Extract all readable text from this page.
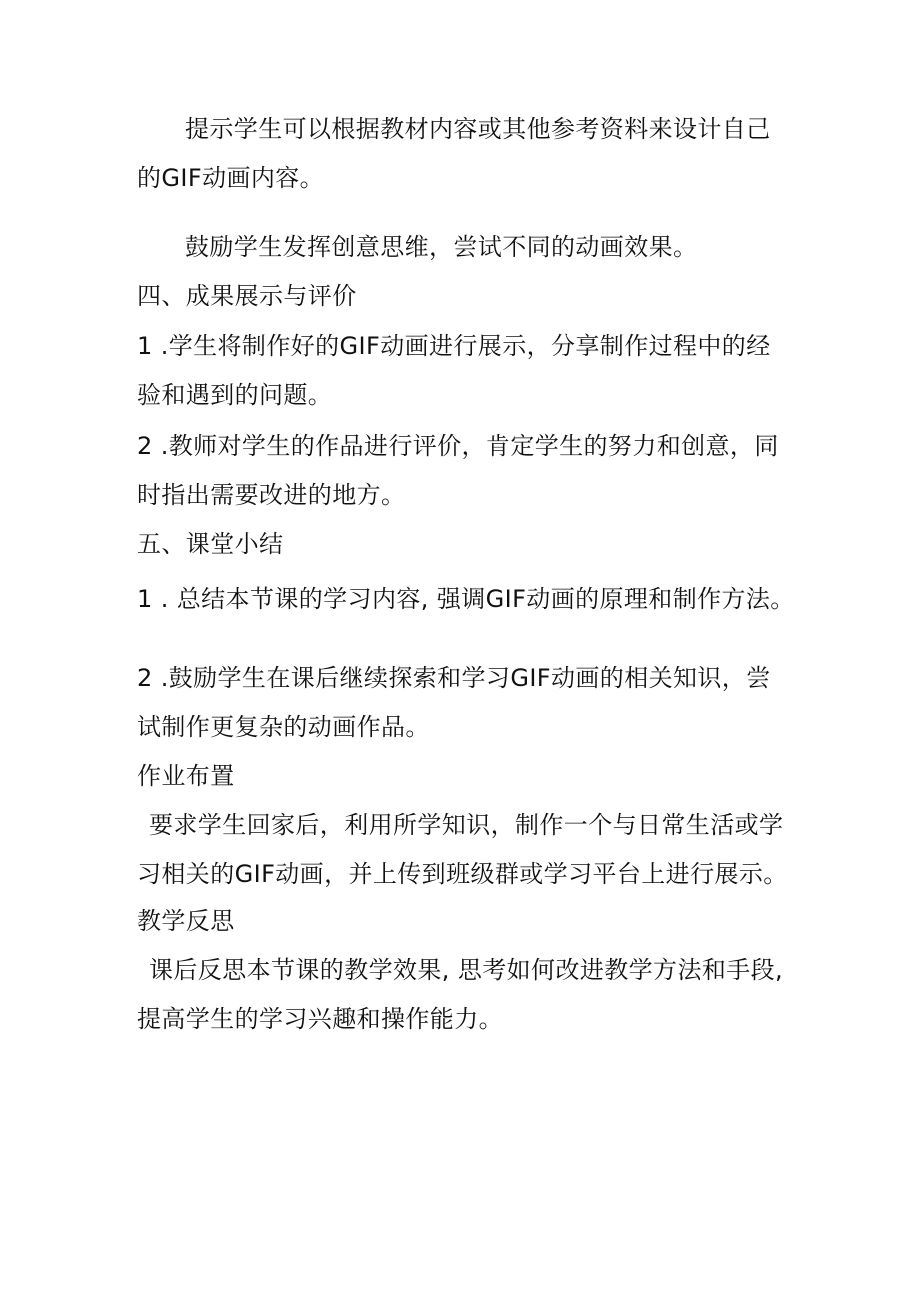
提示学生可以根据教材内容或其他参考资料来设计自己
的GIF动画内容。
鼓励学生发挥创意思维，尝试不同的动画效果。
四、成果展示与评价
1 .学生将制作好的GIF动画进行展示，分享制作过程中的经
验和遇到的问题。
2 .教师对学生的作品进行评价，肯定学生的努力和创意，同
时指出需要改进的地方。
五、课堂小结
1 . 总结本节课的学习内容, 强调GIF动画的原理和制作方法。
2 .鼓励学生在课后继续探索和学习GIF动画的相关知识，尝
试制作更复杂的动画作品。
作业布置
要求学生回家后，利用所学知识，制作一个与日常生活或学
习相关的GIF动画，并上传到班级群或学习平台上进行展示。
教学反思
课后反思本节课的教学效果, 思考如何改进教学方法和手段,
提高学生的学习兴趣和操作能力。
